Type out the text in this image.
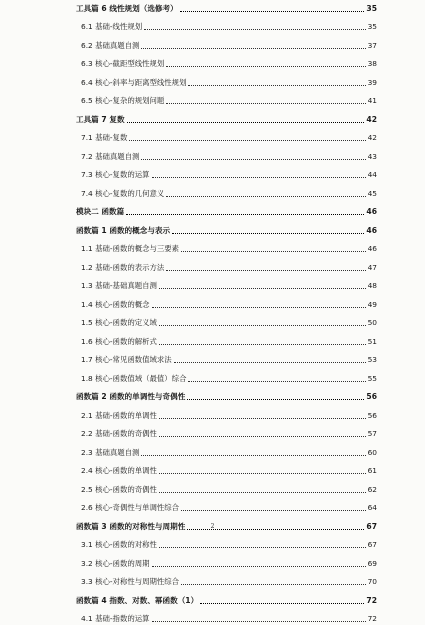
工具篇 6 线性规划（选修考）	35
6.1 基础-线性规划	35
6.2 基础真题自测	37
6.3 核心-截距型线性规划	38
6.4 核心-斜率与距离型线性规划	39
6.5 核心-复杂的规划问题	41
工具篇 7 复数	42
7.1 基础-复数	42
7.2 基础真题自测	43
7.3 核心-复数的运算	44
7.4 核心-复数的几何意义	45
模块二 函数篇	46
函数篇 1 函数的概念与表示	46
1.1 基础-函数的概念与三要素	46
1.2 基础-函数的表示方法	47
1.3 基础-基础真题自测	48
1.4 核心-函数的概念	49
1.5 核心-函数的定义域	50
1.6 核心-函数的解析式	51
1.7 核心-常见函数值域求法	53
1.8 核心-函数值域（最值）综合	55
函数篇 2 函数的单调性与奇偶性	56
2.1 基础-函数的单调性	56
2.2 基础-函数的奇偶性	57
2.3 基础真题自测	60
2.4 核心-函数的单调性	61
2.5 核心-函数的奇偶性	62
2.6 核心-奇偶性与单调性综合	64
函数篇 3 函数的对称性与周期性	67
3.1 核心-函数的对称性	67
3.2 核心-函数的周期	69
3.3 核心-对称性与周期性综合	70
函数篇 4 指数、对数、幂函数（1）	72
4.1 基础-指数的运算	72
2
